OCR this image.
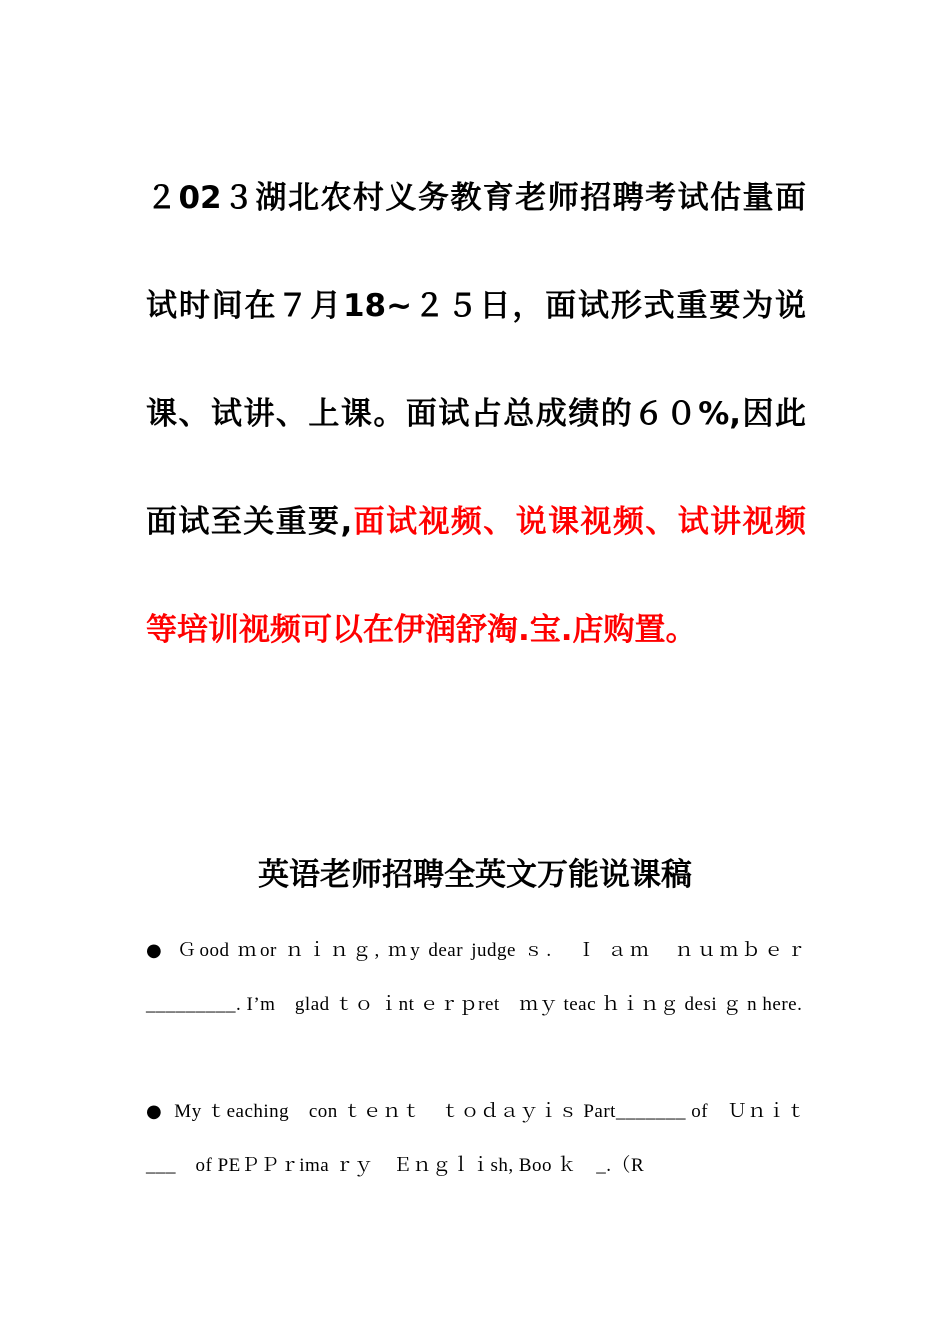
２02３湖北农村义务教育老师招聘考试估量面试时间在７月18~２５日，面试形式重要为说课、试讲、上课。面试占总成绩的６０%,因此面试至关重要,面试视频、说课视频、试讲视频等培训视频可以在伊润舒淘.宝.店购置。
英语老师招聘全英文万能说课稿
● Ｇood ｍor ｎｉｎｇ, ｍy dear judge ｓ.　Ｉ ａｍ　ｎｕｍｂｅｒ _________. I’m　glad ｔｏ ｉnt ｅｒｐret　ｍｙ teac ｈｉｎｇ desi ｇ n here.
● My ｔeaching　con ｔｅｎｔ　ｔｏｄａｙｉｓ Part_______ of　Ｕｎｉｔ ___　of PEＰＰｒima ｒｙ　Ｅｎｇｌｉsh, Boo ｋ　_.（R
